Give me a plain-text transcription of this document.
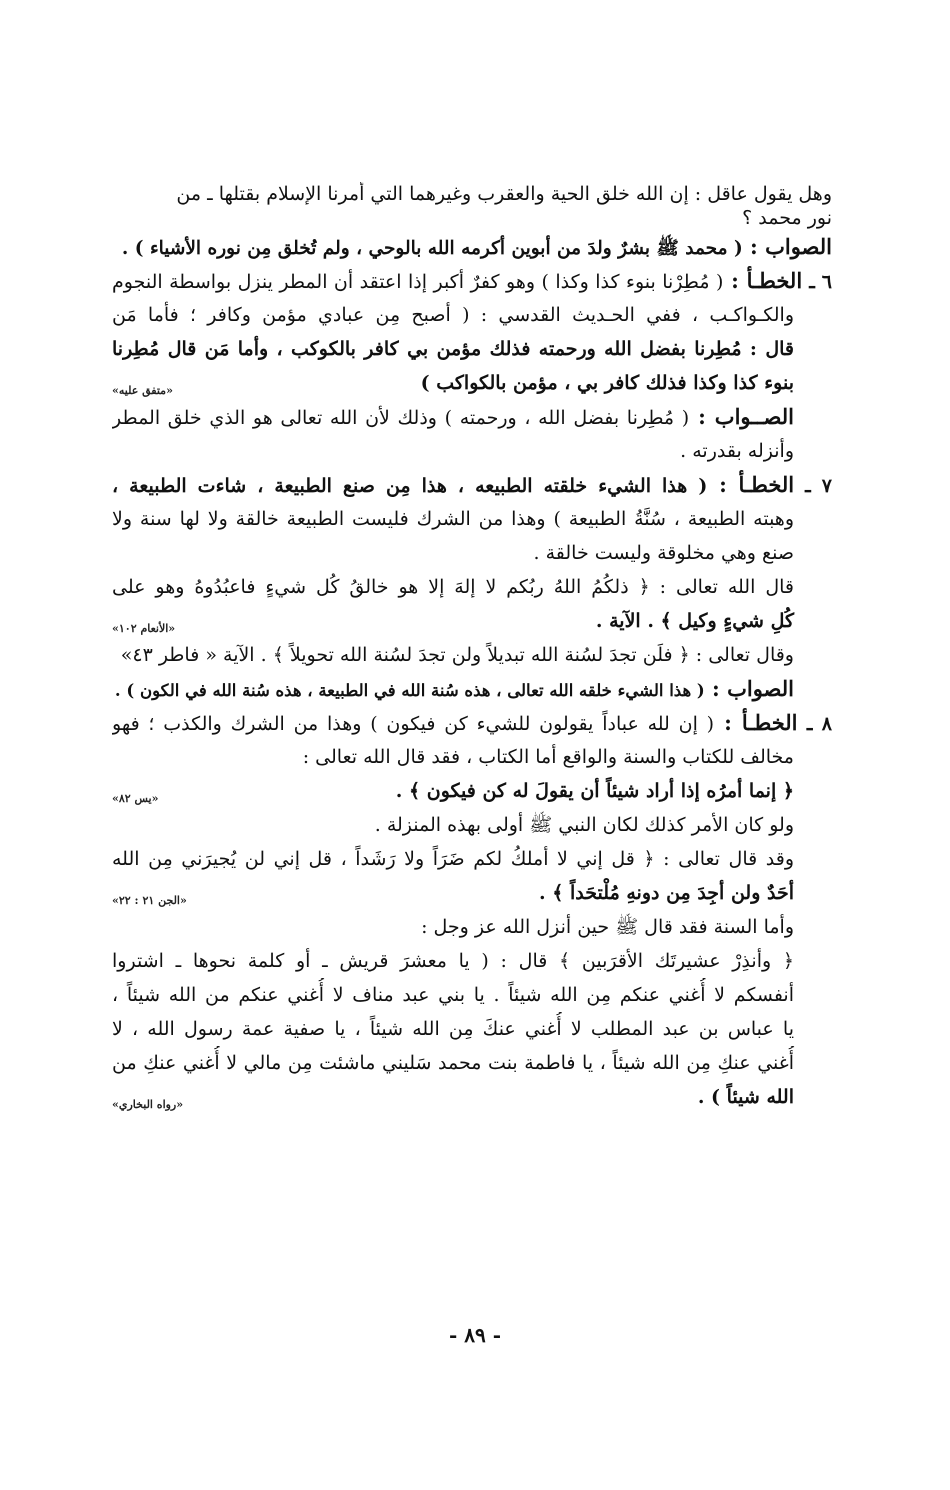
وهل يقول عاقل : إن الله خلق الحية والعقرب وغيرهما التي أمرنا الإسلام بقتلها ـ من
نور محمد ؟
الصواب : ( محمد ﷺ بشرٌ ولدَ من أبوين أكرمه الله بالوحي ، ولم تُخلق مِن نوره الأشياء ) .
٦ ـ الخطـأ : ( مُطِرْنا بنوء كذا وكذا ) وهو كفرٌ أكبر إذا اعتقد أن المطر ينزل بواسطة النجوم
والكـواكـب ، ففي الحـديث القدسي : ( أصبح مِن عبادي مؤمن وكافر ؛ فأما مَن
قال : مُطِرنا بفضل الله ورحمته فذلك مؤمن بي كافر بالكوكب ، وأما مَن قال مُطِرنا
بنوء كذا وكذا فذلك كافر بي ، مؤمن بالكواكب )
«متفق عليه»
الصــواب : ( مُطِرنا بفضل الله ، ورحمته ) وذلك لأن الله تعالى هو الذي خلق المطر
وأنزله بقدرته .
٧ ـ الخطـأ : ( هذا الشيء خلقته الطبيعه ، هذا مِن صنع الطبيعة ، شاءت الطبيعة ،
وهبته الطبيعة ، سُنَّةُ الطبيعة ) وهذا من الشرك فليست الطبيعة خالقة ولا لها سنة ولا
صنع وهي مخلوقة وليست خالقة .
قال الله تعالى : ﴿ ذلكُمُ اللهُ ربُكم لا إلهَ إلا هو خالقُ كُل شيءٍ فاعبُدُوهُ وهو على
كُلِ شيءٍ وكيل ﴾ . الآية .
«الأنعام ١٠٢»
وقال تعالى : ﴿ فلَن تجدَ لسُنة الله تبديلاً ولن تجدَ لسُنة الله تحويلاً ﴾ . الآية « فاطر ٤٣»
الصواب : ( هذا الشيء خلقه الله تعالى ، هذه سُنة الله في الطبيعة ، هذه سُنة الله في الكون ) .
٨ ـ الخطـأ : ( إن لله عباداً يقولون للشيء كن فيكون ) وهذا من الشرك والكذب ؛ فهو
مخالف للكتاب والسنة والواقع أما الكتاب ، فقد قال الله تعالى :
﴿ إنما أمرُه إذا أراد شيئاً أن يقولَ له كن فيكون ﴾ .
«يس ٨٢»
ولو كان الأمر كذلك لكان النبي ﷺ أولى بهذه المنزلة .
وقد قال تعالى : ﴿ قل إني لا أملكُ لكم ضَرَاً ولا رَشَداً ، قل إني لن يُجيرَني مِن الله
أحَدٌ ولن أجِدَ مِن دونهِ مُلْتحَداً ﴾ .
«الجن ٢١ : ٢٢»
وأما السنة فقد قال ﷺ حين أنزل الله عز وجل :
﴿ وأنذِرْ عشيرتَك الأقرَبين ﴾ قال : ( يا معشرَ قريش ـ أو كلمة نحوها ـ اشتروا
أنفسكم لا أُغني عنكم مِن الله شيئاً . يا بني عبد مناف لا أُغني عنكم من الله شيئاً ،
يا عباس بن عبد المطلب لا أُغني عنكَ مِن الله شيئاً ، يا صفية عمة رسول الله ، لا
أُغني عنكِ مِن الله شيئاً ، يا فاطمة بنت محمد سَليني ماشئت مِن مالي لا أُغني عنكِ من
الله شيئاً ) .
«رواه البخاري»
- ٨٩ -
